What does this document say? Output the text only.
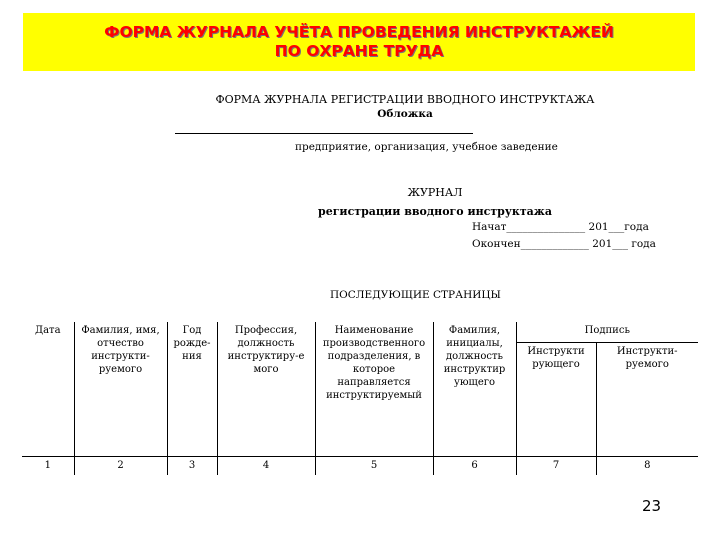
ФОРМА ЖУРНАЛА УЧЁТА ПРОВЕДЕНИЯ ИНСТРУКТАЖЕЙ
ПО ОХРАНЕ ТРУДА
ФОРМА ЖУРНАЛА РЕГИСТРАЦИИ ВВОДНОГО ИНСТРУКТАЖА
Обложка
предприятие, организация, учебное заведение
ЖУРНАЛ
регистрации вводного инструктажа
Начат_______________ 201___года
Окончен_____________ 201___ года
ПОСЛЕДУЮЩИЕ СТРАНИЦЫ
Дата	Фамилия, имя, отчество инструкти-руемого	Год рожде-ния	Профессия, должность инструктиру-е мого	Наименование производственного подразделения, в которое направляется инструктируемый	Фамилия, инициалы, должность инструктир ующего	Подпись	
						Инструкти рующего	Инструкти-руемого
1	2	3	4	5	6	7	8
23
